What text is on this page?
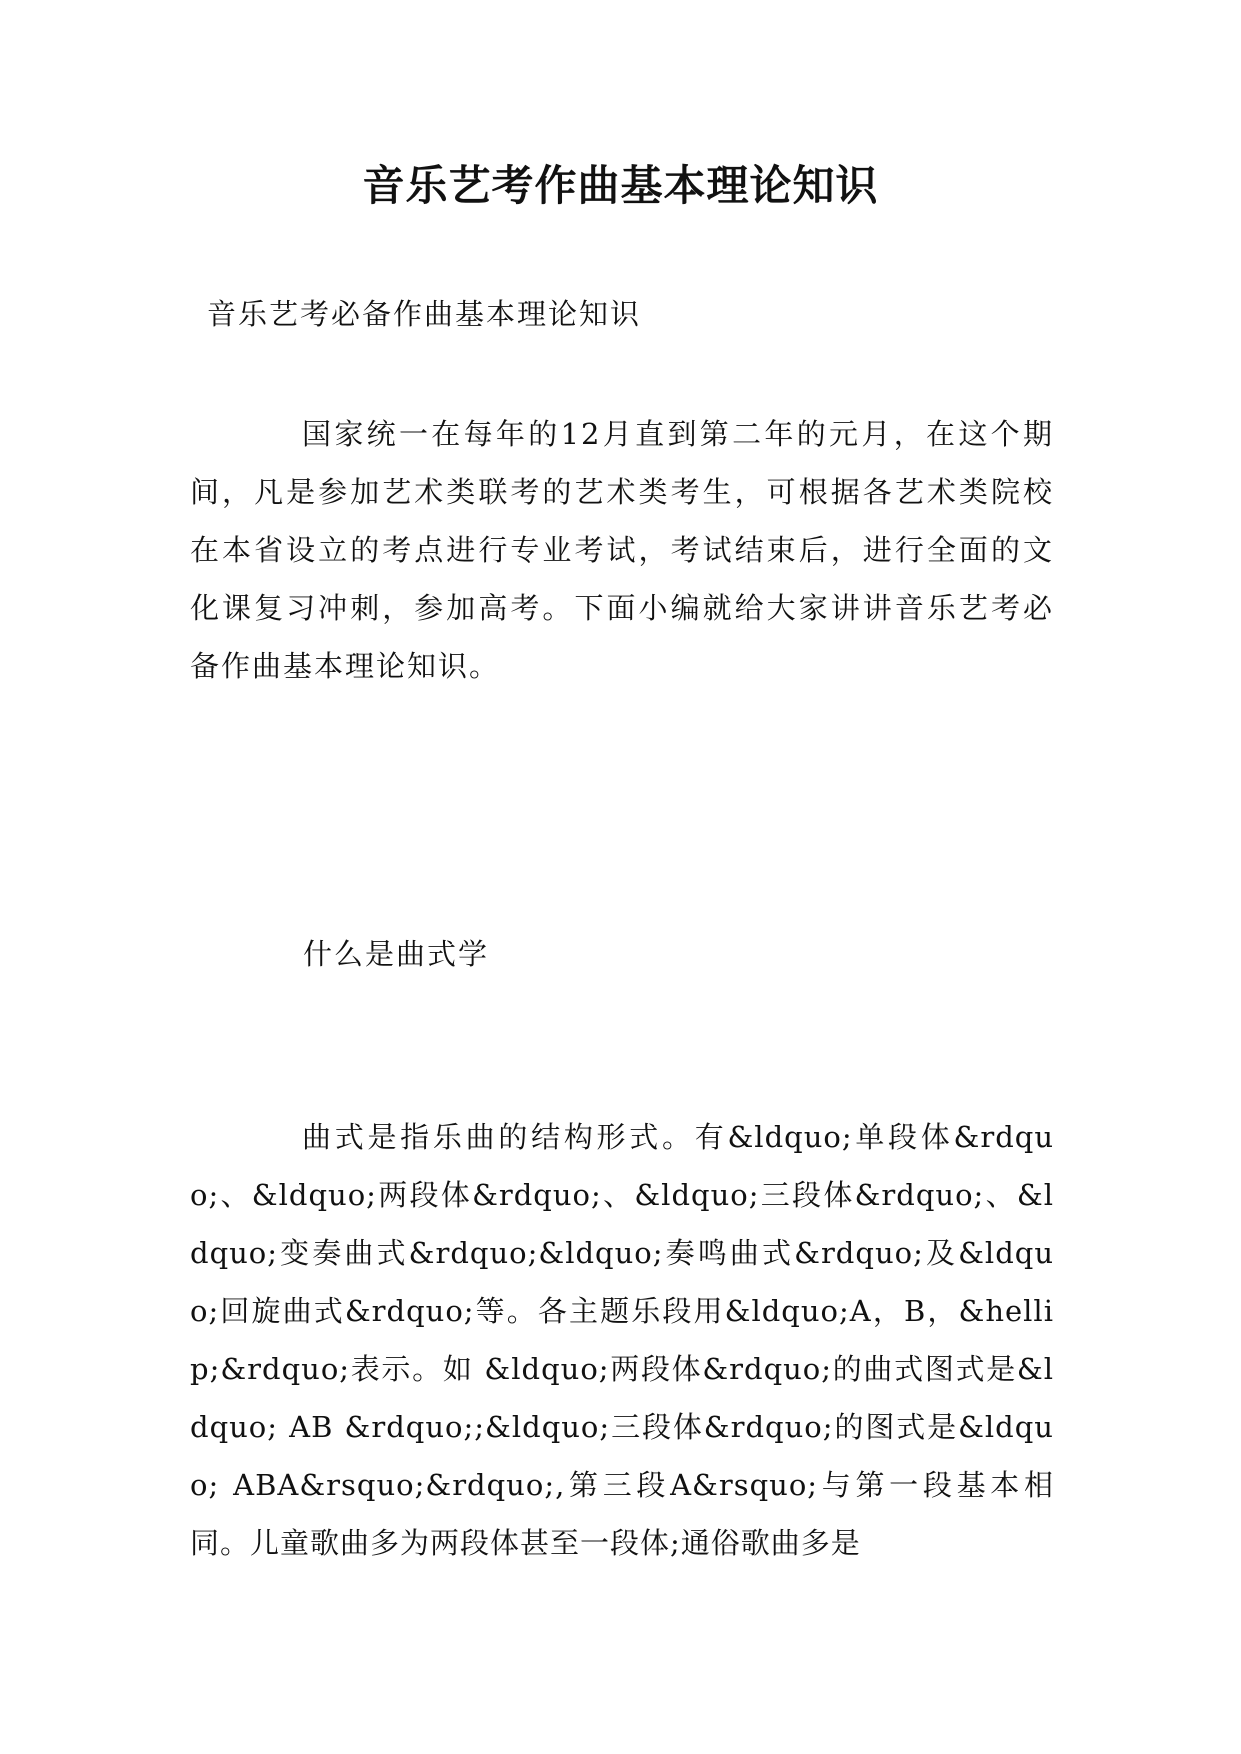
音乐艺考作曲基本理论知识

音乐艺考必备作曲基本理论知识

国家统一在每年的12月直到第二年的元月，在这个期间，凡是参加艺术类联考的艺术类考生，可根据各艺术类院校在本省设立的考点进行专业考试，考试结束后，进行全面的文化课复习冲刺，参加高考。下面小编就给大家讲讲音乐艺考必备作曲基本理论知识。

什么是曲式学

曲式是指乐曲的结构形式。有&ldquo;单段体&rdquo;、&ldquo;两段体&rdquo;、&ldquo;三段体&rdquo;、&ldquo;变奏曲式&rdquo;&ldquo;奏鸣曲式&rdquo;及&ldquo;回旋曲式&rdquo;等。各主题乐段用&ldquo;A，B，&hellip;&rdquo;表示。如 &ldquo;两段体&rdquo;的曲式图式是&ldquo; AB &rdquo;;&ldquo;三段体&rdquo;的图式是&ldquo; ABA&rsquo;&rdquo;,第三段A&rsquo;与第一段基本相同。儿童歌曲多为两段体甚至一段体;通俗歌曲多是
